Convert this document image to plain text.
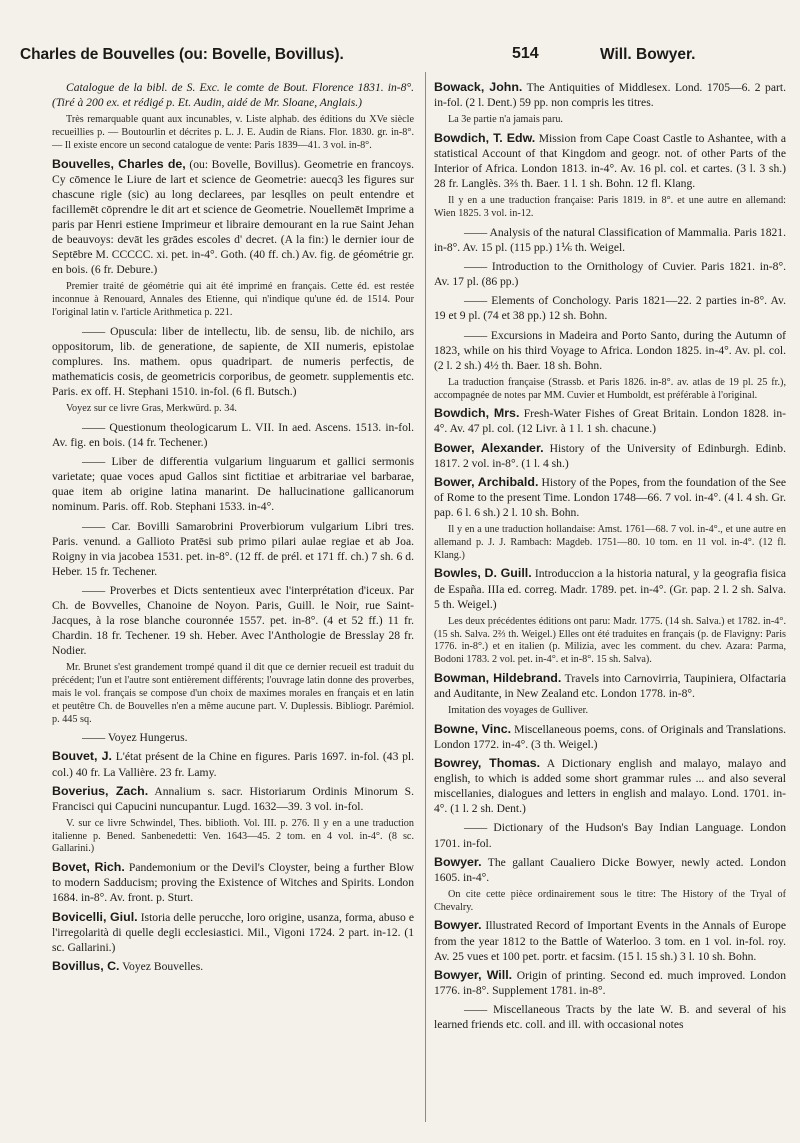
Charles de Bouvelles (ou: Bovelle, Bovillus).	514	Will. Bowyer.

Catalogue de la bibl. de S. Exc. le comte de Bout. Florence 1831. in-8°. (Tiré à 200 ex. et rédigé p. Et. Audin, aidé de Mr. Sloane, Anglais.)

Très remarquable quant aux incunables, v. Liste alphab. des éditions du XVe siècle recueillies p. — Boutourlin et décrites p. L. J. E. Audin de Rians. Flor. 1830. gr. in-8°. — Il existe encore un second catalogue de vente: Paris 1839—41. 3 vol. in-8°.

Bouvelles, Charles de, (ou: Bovelle, Bovillus). Geometrie en francoys. Cy cōmence le Liure de lart et science de Geometrie: auecq3 les figures sur chascune rigle (sic) au long declarees, par lesqlles on peult entendre et facillemēt cōprendre le dit art et science de Geometrie. Nouellemēt Imprime a paris par Henri estiene Imprimeur et libraire demourant en la rue Saint Jehan de beauvoys: devāt les grādes escoles d' decret. (A la fin:) le dernier iour de Septēbre M. CCCCC. xi. pet. in-4°. Goth. (40 ff. ch.) Av. fig. de géométrie gr. en bois. (6 fr. Debure.)

Premier traité de géométrie qui ait été imprimé en français. Cette éd. est restée inconnue à Renouard, Annales des Etienne, qui n'indique qu'une éd. de 1514. Pour l'original latin v. l'article Arithmetica p. 221.

—— Opuscula: liber de intellectu, lib. de sensu, lib. de nichilo, ars oppositorum, lib. de generatione, de sapiente, de XII numeris, epistolae complures. Ins. mathem. opus quadripart. de numeris perfectis, de mathematicis cosis, de geometricis corporibus, de geometr. supplementis etc. Paris. ex off. H. Stephani 1510. in-fol. (6 fl. Butsch.)

Voyez sur ce livre Gras, Merkwürd. p. 34.

—— Questionum theologicarum L. VII. In aed. Ascens. 1513. in-fol. Av. fig. en bois. (14 fr. Techener.)

—— Liber de differentia vulgarium linguarum et gallici sermonis varietate; quae voces apud Gallos sint fictitiae et arbitrariae vel barbarae, quae item ab origine latina manarint. De hallucinatione gallicanorum nominum. Paris. off. Rob. Stephani 1533. in-4°.

—— Car. Bovilli Samarobrini Proverbiorum vulgarium Libri tres. Paris. venund. a Gallioto Pratēsi sub primo pilari aulae regiae et ab Joa. Roigny in via jacobea 1531. pet. in-8°. (12 ff. de prél. et 171 ff. ch.) 7 sh. 6 d. Heber. 15 fr. Techener.

—— Proverbes et Dicts sententieux avec l'interprétation d'iceux. Par Ch. de Bovvelles, Chanoine de Noyon. Paris, Guill. le Noir, rue Saint-Jacques, à la rose blanche couronnée 1557. pet. in-8°. (4 et 52 ff.) 11 fr. Chardin. 18 fr. Techener. 19 sh. Heber. Avec l'Anthologie de Bresslay 28 fr. Nodier.

Mr. Brunet s'est grandement trompé quand il dit que ce dernier recueil est traduit du précédent; l'un et l'autre sont entièrement différents; l'ouvrage latin donne des proverbes, mais le vol. français se compose d'un choix de maximes morales en français et en latin et peutêtre Ch. de Bouvelles n'en a même aucune part. V. Duplessis. Bibliogr. Parémiol. p. 445 sq.

—— Voyez Hungerus.

Bouvet, J. L'état présent de la Chine en figures. Paris 1697. in-fol. (43 pl. col.) 40 fr. La Vallière. 23 fr. Lamy.

Boverius, Zach. Annalium s. sacr. Historiarum Ordinis Minorum S. Francisci qui Capucini nuncupantur. Lugd. 1632—39. 3 vol. in-fol.

V. sur ce livre Schwindel, Thes. biblioth. Vol. III. p. 276. Il y en a une traduction italienne p. Bened. Sanbenedetti: Ven. 1643—45. 2 tom. en 4 vol. in-4°. (8 sc. Gallarini.)

Bovet, Rich. Pandemonium or the Devil's Cloyster, being a further Blow to modern Sadducism; proving the Existence of Witches and Spirits. London 1684. in-8°. Av. front. p. Sturt.

Bovicelli, Giul. Istoria delle perucche, loro origine, usanza, forma, abuso e l'irregolarità di quelle degli ecclesiastici. Mil., Vigoni 1724. 2 part. in-12. (1 sc. Gallarini.)

Bovillus, C. Voyez Bouvelles.

Bowack, John. The Antiquities of Middlesex. Lond. 1705—6. 2 part. in-fol. (2 l. Dent.) 59 pp. non compris les titres.

La 3e partie n'a jamais paru.

Bowdich, T. Edw. Mission from Cape Coast Castle to Ashantee, with a statistical Account of that Kingdom and geogr. not. of other Parts of the Interior of Africa. London 1813. in-4°. Av. 16 pl. col. et cartes. (3 l. 3 sh.) 28 fr. Langlès. 3⅔ th. Baer. 1 l. 1 sh. Bohn. 12 fl. Klang.

Il y en a une traduction française: Paris 1819. in 8°. et une autre en allemand: Wien 1825. 3 vol. in-12.

—— Analysis of the natural Classification of Mammalia. Paris 1821. in-8°. Av. 15 pl. (115 pp.) 1⅙ th. Weigel.

—— Introduction to the Ornithology of Cuvier. Paris 1821. in-8°. Av. 17 pl. (86 pp.)

—— Elements of Conchology. Paris 1821—22. 2 parties in-8°. Av. 19 et 9 pl. (74 et 38 pp.) 12 sh. Bohn.

—— Excursions in Madeira and Porto Santo, during the Autumn of 1823, while on his third Voyage to Africa. London 1825. in-4°. Av. pl. col. (2 l. 2 sh.) 4½ th. Baer. 18 sh. Bohn.

La traduction française (Strassb. et Paris 1826. in-8°. av. atlas de 19 pl. 25 fr.), accompagnée de notes par MM. Cuvier et Humboldt, est préférable à l'original.

Bowdich, Mrs. Fresh-Water Fishes of Great Britain. London 1828. in-4°. Av. 47 pl. col. (12 Livr. à 1 l. 1 sh. chacune.)

Bower, Alexander. History of the University of Edinburgh. Edinb. 1817. 2 vol. in-8°. (1 l. 4 sh.)

Bower, Archibald. History of the Popes, from the foundation of the See of Rome to the present Time. London 1748—66. 7 vol. in-4°. (4 l. 4 sh. Gr. pap. 6 l. 6 sh.) 2 l. 10 sh. Bohn.

Il y en a une traduction hollandaise: Amst. 1761—68. 7 vol. in-4°., et une autre en allemand p. J. J. Rambach: Magdeb. 1751—80. 10 tom. en 11 vol. in-4°. (12 fl. Klang.)

Bowles, D. Guill. Introduccion a la historia natural, y la geografia fisica de España. IIIa ed. correg. Madr. 1789. pet. in-4°. (Gr. pap. 2 l. 2 sh. Salva. 5 th. Weigel.)

Les deux précédentes éditions ont paru: Madr. 1775. (14 sh. Salva.) et 1782. in-4°. (15 sh. Salva. 2⅔ th. Weigel.) Elles ont été traduites en français (p. de Flavigny: Paris 1776. in-8°.) et en italien (p. Milizia, avec les comment. du chev. Azara: Parma, Bodoni 1783. 2 vol. pet. in-4°. et in-8°. 15 sh. Salva).

Bowman, Hildebrand. Travels into Carnovirria, Taupiniera, Olfactaria and Auditante, in New Zealand etc. London 1778. in-8°.

Imitation des voyages de Gulliver.

Bowne, Vinc. Miscellaneous poems, cons. of Originals and Translations. London 1772. in-4°. (3 th. Weigel.)

Bowrey, Thomas. A Dictionary english and malayo, malayo and english, to which is added some short grammar rules ... and also several miscellanies, dialogues and letters in english and malayo. Lond. 1701. in-4°. (1 l. 2 sh. Dent.)

—— Dictionary of the Hudson's Bay Indian Language. London 1701. in-fol.

Bowyer. The gallant Caualiero Dicke Bowyer, newly acted. London 1605. in-4°.

On cite cette pièce ordinairement sous le titre: The History of the Tryal of Chevalry.

Bowyer. Illustrated Record of Important Events in the Annals of Europe from the year 1812 to the Battle of Waterloo. 3 tom. en 1 vol. in-fol. roy. Av. 25 vues et 100 pet. portr. et facsim. (15 l. 15 sh.) 3 l. 10 sh. Bohn.

Bowyer, Will. Origin of printing. Second ed. much improved. London 1776. in-8°. Supplement 1781. in-8°.

—— Miscellaneous Tracts by the late W. B. and several of his learned friends etc. coll. and ill. with occasional notes
